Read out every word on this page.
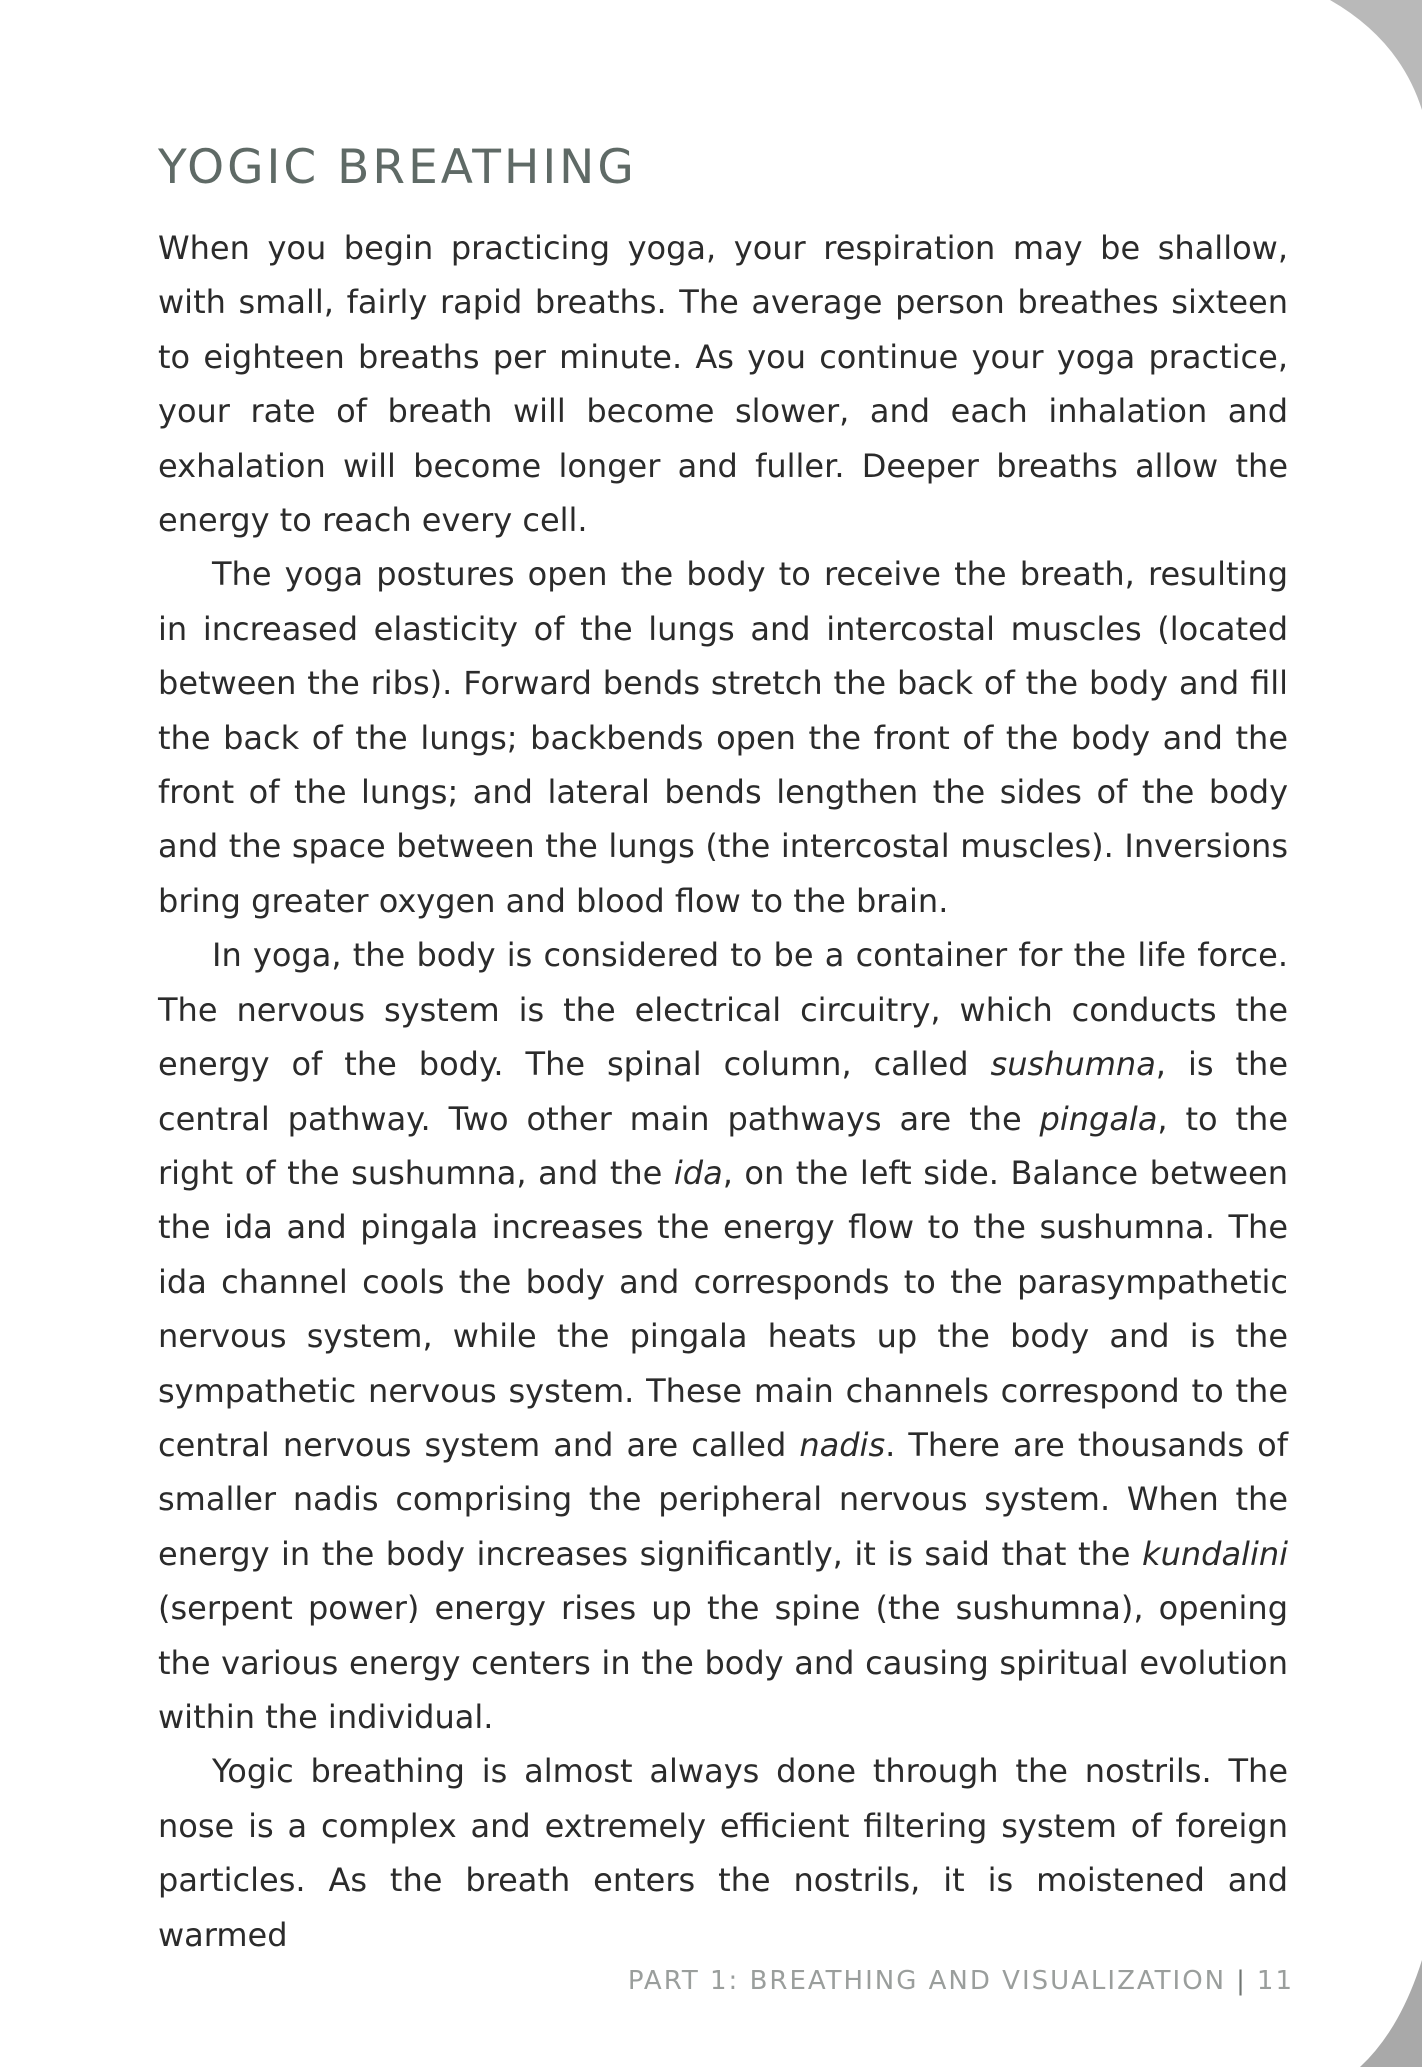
YOGIC BREATHING

When you begin practicing yoga, your respiration may be shallow, with small, fairly rapid breaths. The average person breathes sixteen to eighteen breaths per minute. As you continue your yoga practice, your rate of breath will become slower, and each inhalation and exhalation will become longer and fuller. Deeper breaths allow the energy to reach every cell.

The yoga postures open the body to receive the breath, resulting in increased elasticity of the lungs and intercostal muscles (located between the ribs). Forward bends stretch the back of the body and fill the back of the lungs; backbends open the front of the body and the front of the lungs; and lateral bends lengthen the sides of the body and the space between the lungs (the intercostal muscles). Inversions bring greater oxygen and blood flow to the brain.

In yoga, the body is considered to be a container for the life force. The nervous system is the electrical circuitry, which conducts the energy of the body. The spinal column, called sushumna, is the central pathway. Two other main pathways are the pingala, to the right of the sushumna, and the ida, on the left side. Balance between the ida and pingala increases the energy flow to the sushumna. The ida channel cools the body and corresponds to the parasympathetic nervous system, while the pingala heats up the body and is the sympathetic nervous system. These main channels correspond to the central nervous system and are called nadis. There are thousands of smaller nadis comprising the peripheral nervous system. When the energy in the body increases significantly, it is said that the kundalini (serpent power) energy rises up the spine (the sushumna), opening the various energy centers in the body and causing spiritual evolution within the individual.

Yogic breathing is almost always done through the nostrils. The nose is a complex and extremely efficient filtering system of foreign particles. As the breath enters the nostrils, it is moistened and warmed

PART 1: BREATHING AND VISUALIZATION | 11
